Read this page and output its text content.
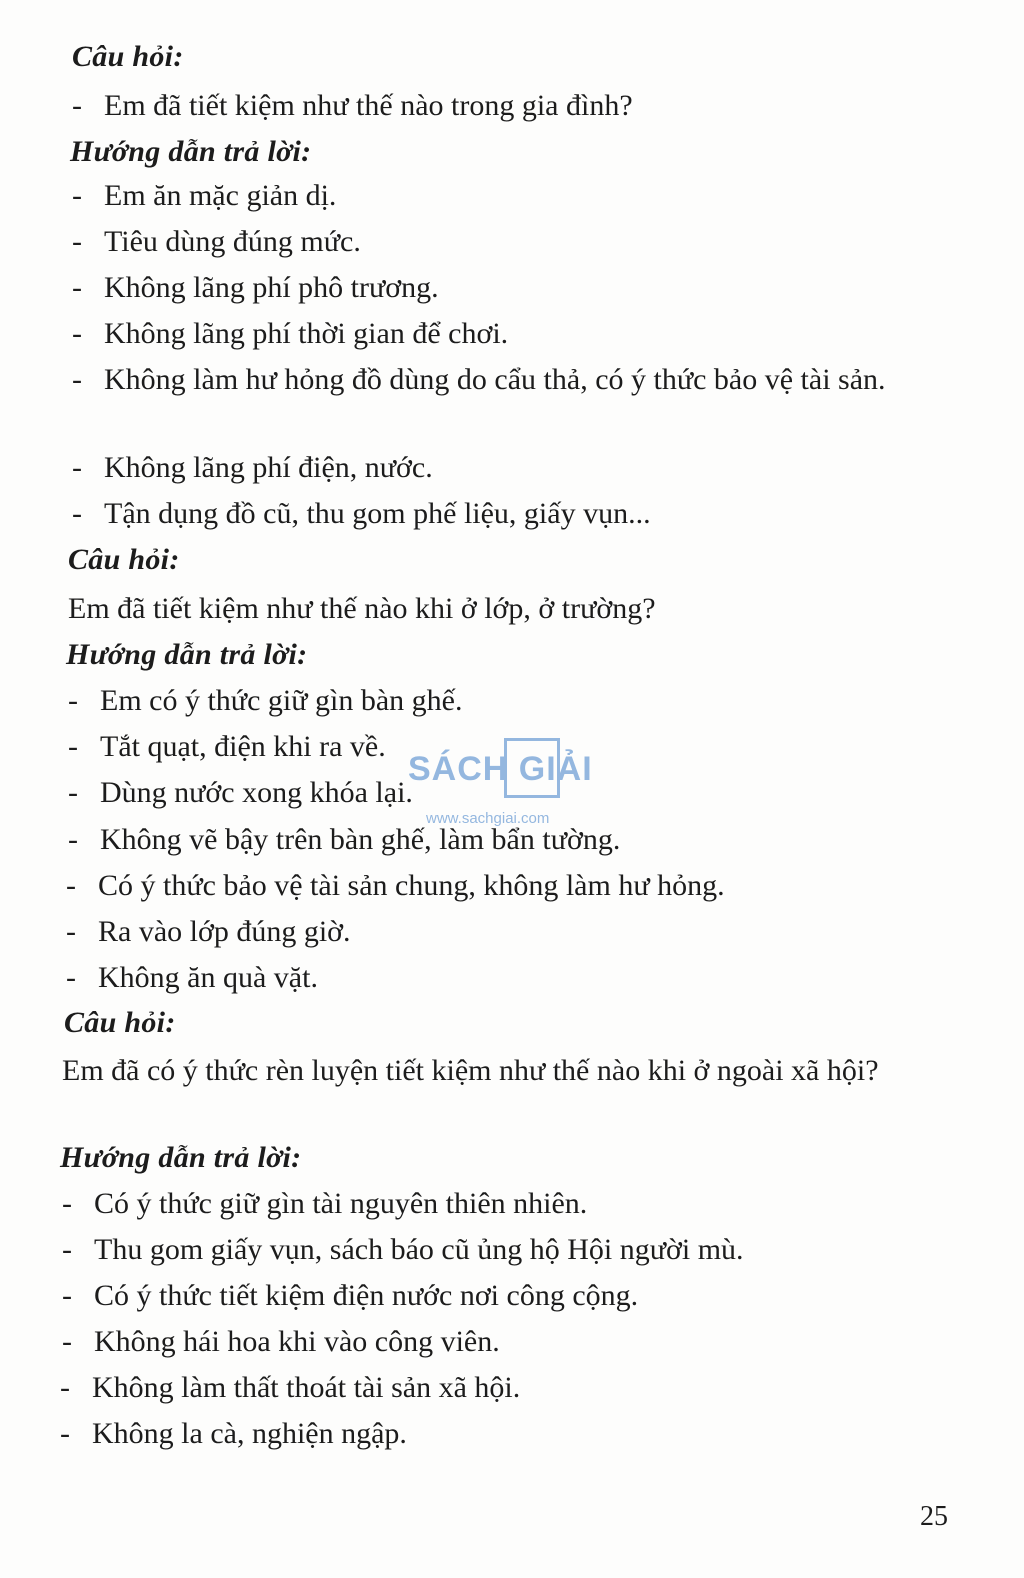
Câu hỏi:
- Em đã tiết kiệm như thế nào trong gia đình?
Hướng dẫn trả lời:
- Em ăn mặc giản dị.
- Tiêu dùng đúng mức.
- Không lãng phí phô trương.
- Không lãng phí thời gian để chơi.
- Không làm hư hỏng đồ dùng do cẩu thả, có ý thức bảo vệ tài sản.
- Không lãng phí điện, nước.
- Tận dụng đồ cũ, thu gom phế liệu, giấy vụn...
Câu hỏi:
Em đã tiết kiệm như thế nào khi ở lớp, ở trường?
Hướng dẫn trả lời:
- Em có ý thức giữ gìn bàn ghế.
- Tắt quạt, điện khi ra về.
- Dùng nước xong khóa lại.
- Không vẽ bậy trên bàn ghế, làm bẩn tường.
- Có ý thức bảo vệ tài sản chung, không làm hư hỏng.
- Ra vào lớp đúng giờ.
- Không ăn quà vặt.
Câu hỏi:
Em đã có ý thức rèn luyện tiết kiệm như thế nào khi ở ngoài xã hội?
Hướng dẫn trả lời:
- Có ý thức giữ gìn tài nguyên thiên nhiên.
- Thu gom giấy vụn, sách báo cũ ủng hộ Hội người mù.
- Có ý thức tiết kiệm điện nước nơi công cộng.
- Không hái hoa khi vào công viên.
- Không làm thất thoát tài sản xã hội.
- Không la cà, nghiện ngập.
SÁCH GIẢI
www.sachgiai.com
25
